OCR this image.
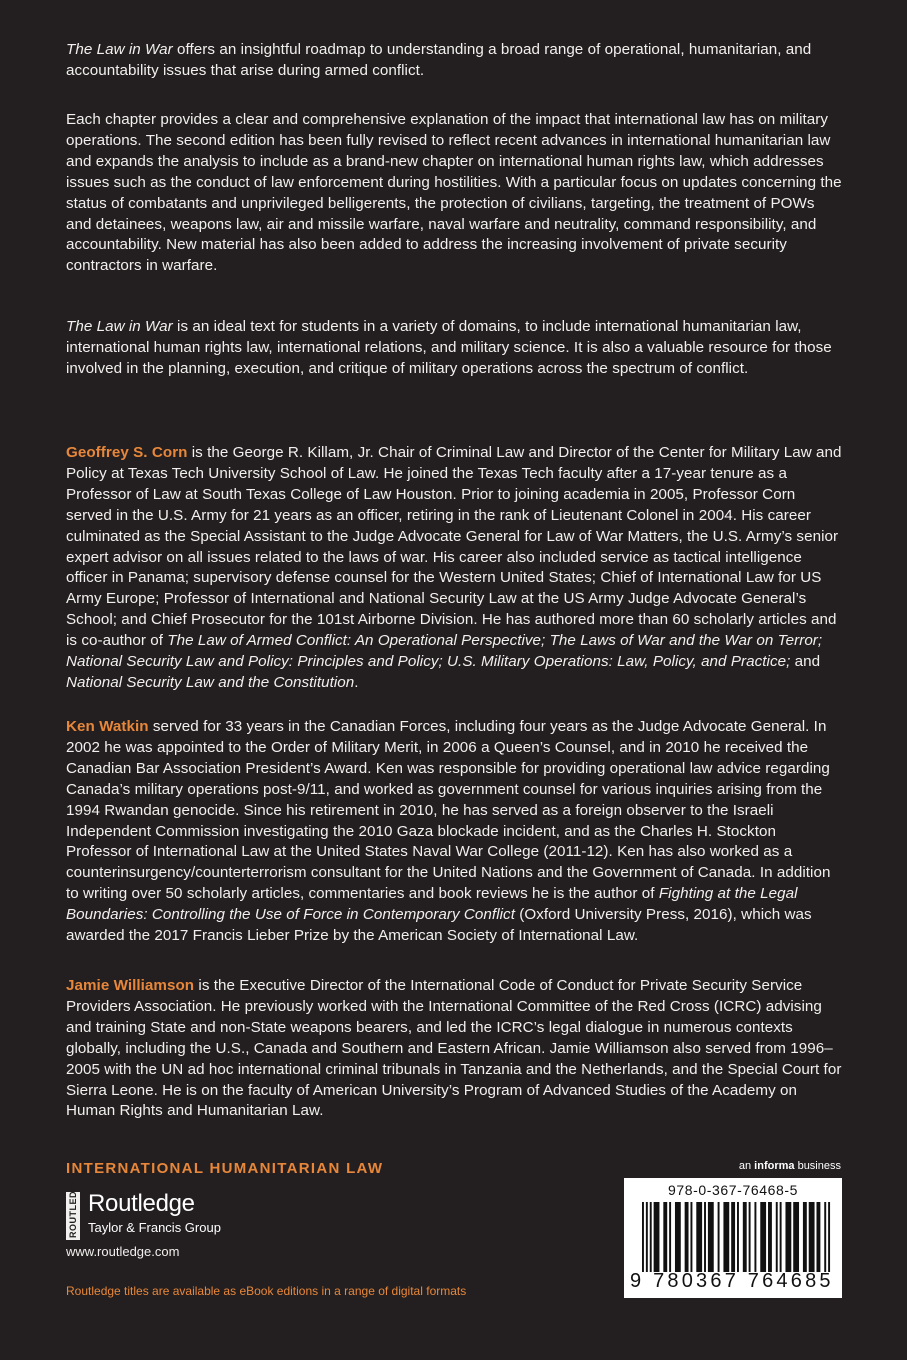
The Law in War offers an insightful roadmap to understanding a broad range of operational, humanitarian, and accountability issues that arise during armed conflict.

Each chapter provides a clear and comprehensive explanation of the impact that international law has on military operations. The second edition has been fully revised to reflect recent advances in international humanitarian law and expands the analysis to include as a brand-new chapter on international human rights law, which addresses issues such as the conduct of law enforcement during hostilities. With a particular focus on updates concerning the status of combatants and unprivileged belligerents, the protection of civilians, targeting, the treatment of POWs and detainees, weapons law, air and missile warfare, naval warfare and neutrality, command responsibility, and accountability. New material has also been added to address the increasing involvement of private security contractors in warfare.

The Law in War is an ideal text for students in a variety of domains, to include international humanitarian law, international human rights law, international relations, and military science. It is also a valuable resource for those involved in the planning, execution, and critique of military operations across the spectrum of conflict.

Geoffrey S. Corn is the George R. Killam, Jr. Chair of Criminal Law and Director of the Center for Military Law and Policy at Texas Tech University School of Law. He joined the Texas Tech faculty after a 17-year tenure as a Professor of Law at South Texas College of Law Houston. Prior to joining academia in 2005, Professor Corn served in the U.S. Army for 21 years as an officer, retiring in the rank of Lieutenant Colonel in 2004. His career culminated as the Special Assistant to the Judge Advocate General for Law of War Matters, the U.S. Army’s senior expert advisor on all issues related to the laws of war. His career also included service as tactical intelligence officer in Panama; supervisory defense counsel for the Western United States; Chief of International Law for US Army Europe; Professor of International and National Security Law at the US Army Judge Advocate General’s School; and Chief Prosecutor for the 101st Airborne Division. He has authored more than 60 scholarly articles and is co-author of The Law of Armed Conflict: An Operational Perspective; The Laws of War and the War on Terror; National Security Law and Policy: Principles and Policy; U.S. Military Operations: Law, Policy, and Practice; and National Security Law and the Constitution.

Ken Watkin served for 33 years in the Canadian Forces, including four years as the Judge Advocate General. In 2002 he was appointed to the Order of Military Merit, in 2006 a Queen’s Counsel, and in 2010 he received the Canadian Bar Association President’s Award. Ken was responsible for providing operational law advice regarding Canada’s military operations post-9/11, and worked as government counsel for various inquiries arising from the 1994 Rwandan genocide. Since his retirement in 2010, he has served as a foreign observer to the Israeli Independent Commission investigating the 2010 Gaza blockade incident, and as the Charles H. Stockton Professor of International Law at the United States Naval War College (2011-12). Ken has also worked as a counterinsurgency/counterterrorism consultant for the United Nations and the Government of Canada. In addition to writing over 50 scholarly articles, commentaries and book reviews he is the author of Fighting at the Legal Boundaries: Controlling the Use of Force in Contemporary Conflict (Oxford University Press, 2016), which was awarded the 2017 Francis Lieber Prize by the American Society of International Law.

Jamie Williamson is the Executive Director of the International Code of Conduct for Private Security Service Providers Association. He previously worked with the International Committee of the Red Cross (ICRC) advising and training State and non-State weapons bearers, and led the ICRC’s legal dialogue in numerous contexts globally, including the U.S., Canada and Southern and Eastern African. Jamie Williamson also served from 1996–2005 with the UN ad hoc international criminal tribunals in Tanzania and the Netherlands, and the Special Court for Sierra Leone. He is on the faculty of American University’s Program of Advanced Studies of the Academy on Human Rights and Humanitarian Law.

INTERNATIONAL HUMANITARIAN LAW
ROUTLEDGE Routledge
Taylor & Francis Group
www.routledge.com
Routledge titles are available as eBook editions in a range of digital formats
an informa business
978-0-367-76468-5
9 780367 764685
